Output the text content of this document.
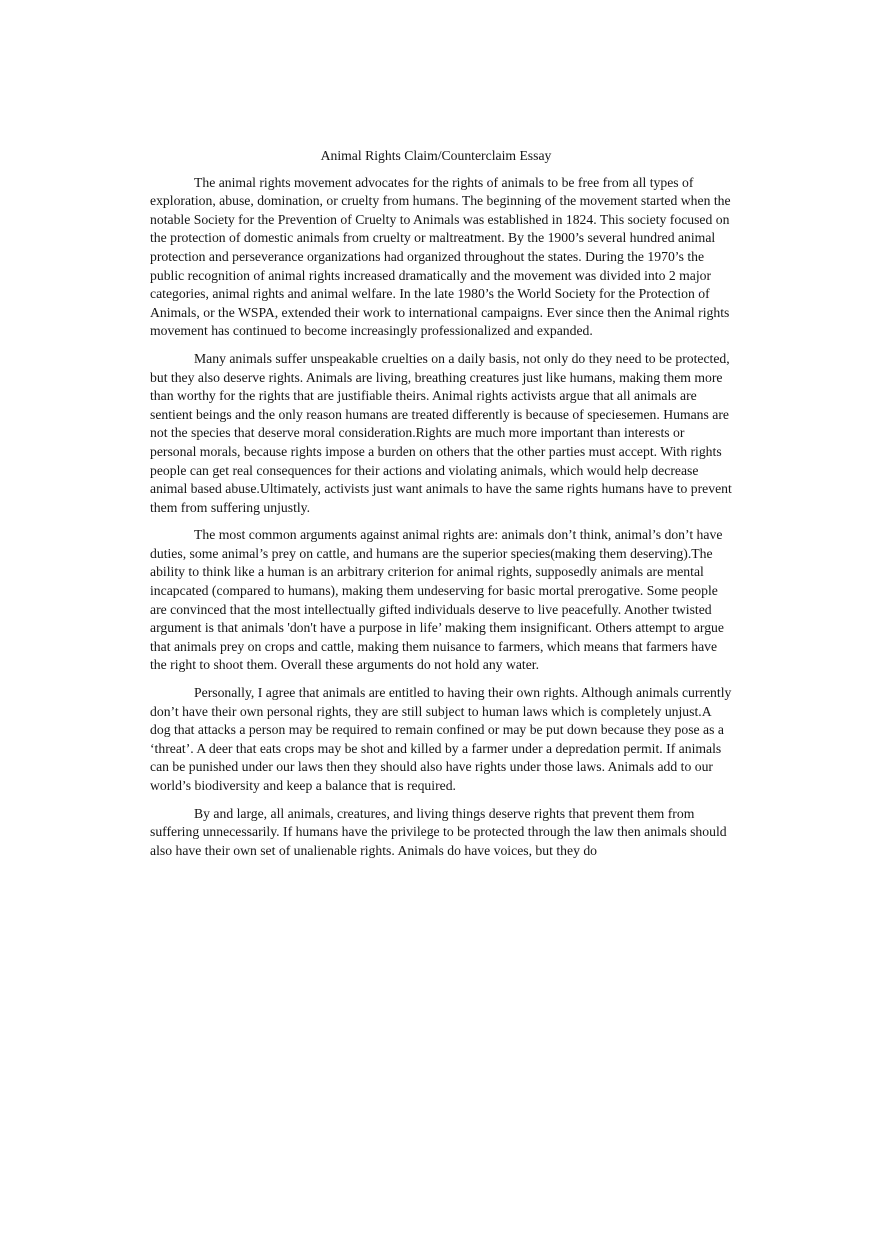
Animal Rights Claim/Counterclaim Essay

The animal rights movement advocates for the rights of animals to be free from all types of exploration, abuse, domination, or cruelty from humans. The beginning of the movement started when the notable Society for the Prevention of Cruelty to Animals was established in 1824. This society focused on the protection of domestic animals from cruelty or maltreatment. By the 1900’s several hundred animal protection and perseverance organizations had organized throughout the states. During the 1970’s the public recognition of animal rights increased dramatically and the movement was divided into 2 major categories, animal rights and animal welfare. In the late 1980’s the World Society for the Protection of Animals, or the WSPA, extended their work to international campaigns. Ever since then the Animal rights movement has continued to become increasingly professionalized and expanded.

Many animals suffer unspeakable cruelties on a daily basis, not only do they need to be protected, but they also deserve rights. Animals are living, breathing creatures just like humans, making them more than worthy for the rights that are justifiable theirs. Animal rights activists argue that all animals are sentient beings and the only reason humans are treated differently is because of speciesemen. Humans are not the species that deserve moral consideration.Rights are much more important than interests or personal morals, because rights impose a burden on others that the other parties must accept. With rights people can get real consequences for their actions and violating animals, which would help decrease animal based abuse.Ultimately, activists just want animals to have the same rights humans have to prevent them from suffering unjustly.

The most common arguments against animal rights are: animals don’t think, animal’s don’t have duties, some animal’s prey on cattle, and humans are the superior species(making them deserving).The ability to think like a human is an arbitrary criterion for animal rights, supposedly animals are mental incapcated (compared to humans), making them undeserving for basic mortal prerogative. Some people are convinced that the most intellectually gifted individuals deserve to live peacefully. Another twisted argument is that animals 'don't have a purpose in life’ making them insignificant. Others attempt to argue that animals prey on crops and cattle, making them nuisance to farmers, which means that farmers have the right to shoot them. Overall these arguments do not hold any water.

Personally, I agree that animals are entitled to having their own rights. Although animals currently don’t have their own personal rights, they are still subject to human laws which is completely unjust.A dog that attacks a person may be required to remain confined or may be put down because they pose as a ‘threat’. A deer that eats crops may be shot and killed by a farmer under a depredation permit. If animals can be punished under our laws then they should also have rights under those laws. Animals add to our world’s biodiversity and keep a balance that is required.

By and large, all animals, creatures, and living things deserve rights that prevent them from suffering unnecessarily. If humans have the privilege to be protected through the law then animals should also have their own set of unalienable rights. Animals do have voices, but they do
